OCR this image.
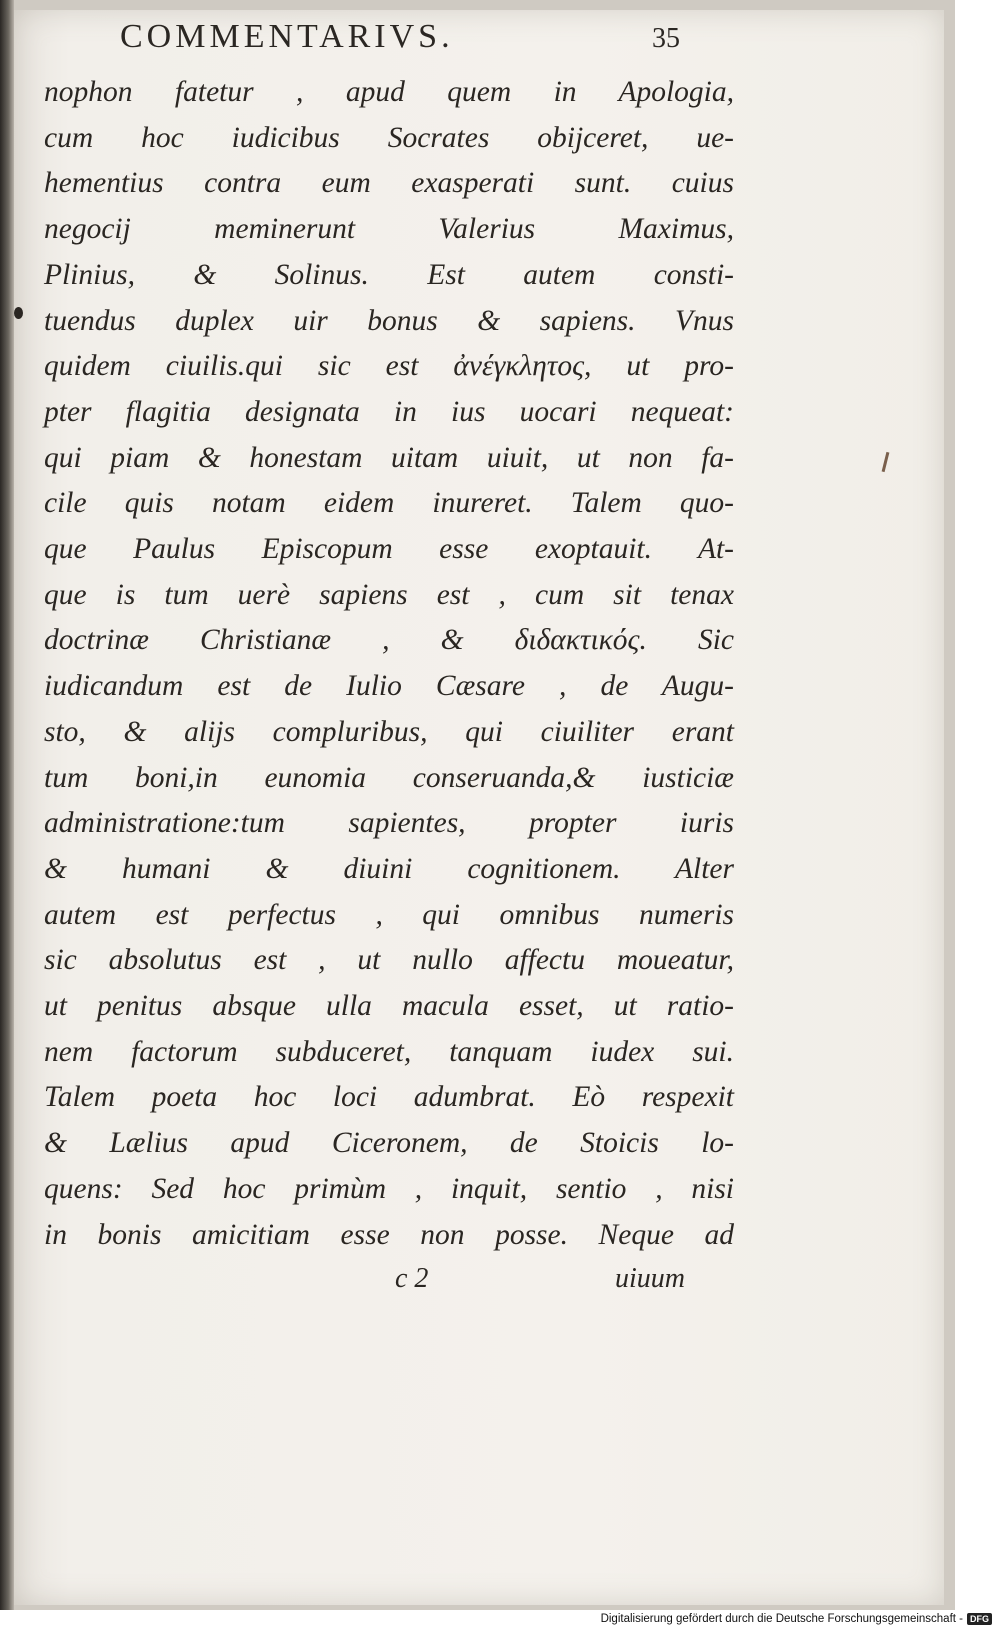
COMMENTARIVS.	35
nophon fatetur , apud quem in Apologia,
cum hoc iudicibus Socrates obijceret, ue-
hementius contra eum exasperati sunt. cuius
negocij meminerunt Valerius Maximus,
Plinius, & Solinus. Est autem consti-
tuendus duplex uir bonus & sapiens. Vnus
quidem ciuilis.qui sic est ἀνέγκλητος, ut pro-
pter flagitia designata in ius uocari nequeat:
qui piam & honestam uitam uiuit, ut non fa-
cile quis notam eidem inureret. Talem quo-
que Paulus Episcopum esse exoptauit. At-
que is tum uerè sapiens est , cum sit tenax
doctrinæ Christianæ , & διδακτικός. Sic
iudicandum est de Iulio Cæsare , de Augu-
sto, & alijs compluribus, qui ciuiliter erant
tum boni,in eunomia conseruanda,& iusticiæ
administratione:tum sapientes, propter iuris
& humani & diuini cognitionem. Alter
autem est perfectus , qui omnibus numeris
sic absolutus est , ut nullo affectu moueatur,
ut penitus absque ulla macula esset, ut ratio-
nem factorum subduceret, tanquam iudex sui.
Talem poeta hoc loci adumbrat. Eò respexit
& Lælius apud Ciceronem, de Stoicis lo-
quens: Sed hoc primùm , inquit, sentio , nisi
in bonis amicitiam esse non posse. Neque ad
c 2	uiuum
Digitalisierung gefördert durch die Deutsche Forschungsgemeinschaft - DFG
